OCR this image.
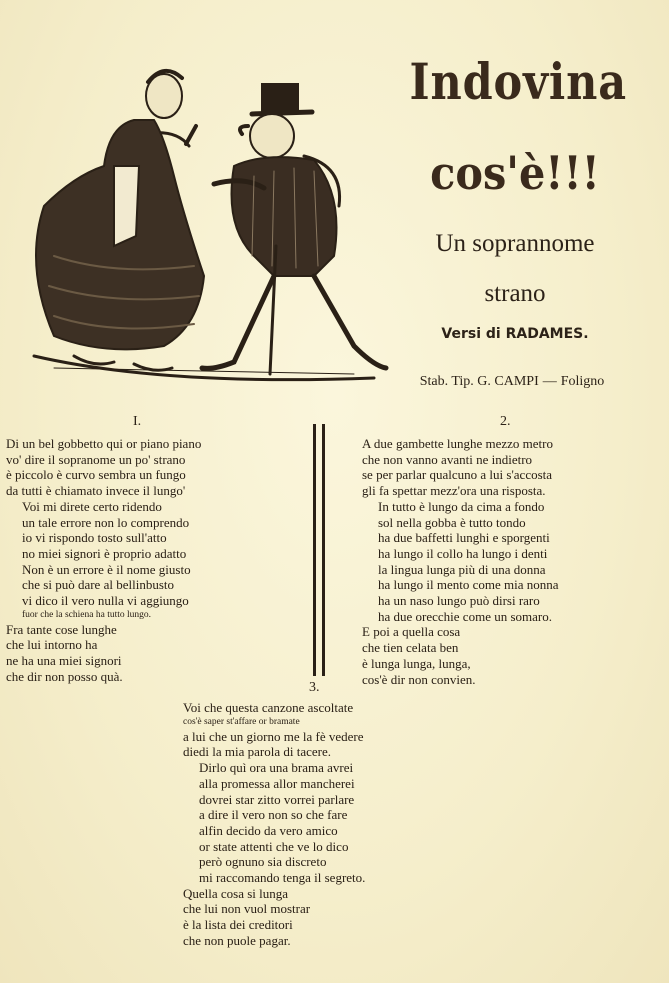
Indovina
cos'è!!!
Un soprannome
strano
Versi di RADAMES.
Stab. Tip. G. CAMPI — Foligno
I.	2.
3.
Di un bel gobbetto qui or piano piano
vo' dire il sopranome un po' strano
è piccolo è curvo sembra un fungo
da tutti è chiamato invece il lungo'
Voi mi direte certo ridendo
un tale errore non lo comprendo
io vi rispondo tosto sull'atto
no miei signori è proprio adatto
Non è un errore è il nome giusto
che si può dare al bellinbusto
vi dico il vero nulla vi aggiungo
fuor che la schiena ha tutto lungo.
Fra tante cose lunghe
che lui intorno ha
ne ha una miei signori
che dir non posso quà.
A due gambette lunghe mezzo metro
che non vanno avanti ne indietro
se per parlar qualcuno a lui s'accosta
gli fa spettar mezz'ora una risposta.
In tutto è lungo da cima a fondo
sol nella gobba è tutto tondo
ha due baffetti lunghi e sporgenti
ha lungo il collo ha lungo i denti
la lingua lunga più di una donna
ha lungo il mento come mia nonna
ha un naso lungo può dirsi raro
ha due orecchie come un somaro.
E poi a quella cosa
che tien celata ben
è lunga lunga, lunga,
cos'è dir non convien.
Voi che questa canzone ascoltate
cos'è saper st'affare or bramate
a lui che un giorno me la fè vedere
diedi la mia parola di tacere.
Dirlo quì ora una brama avrei
alla promessa allor mancherei
dovrei star zitto vorrei parlare
a dire il vero non so che fare
alfin decido da vero amico
or state attenti che ve lo dico
però ognuno sia discreto
mi raccomando tenga il segreto.
Quella cosa si lunga
che lui non vuol mostrar
è la lista dei creditori
che non puole pagar.
